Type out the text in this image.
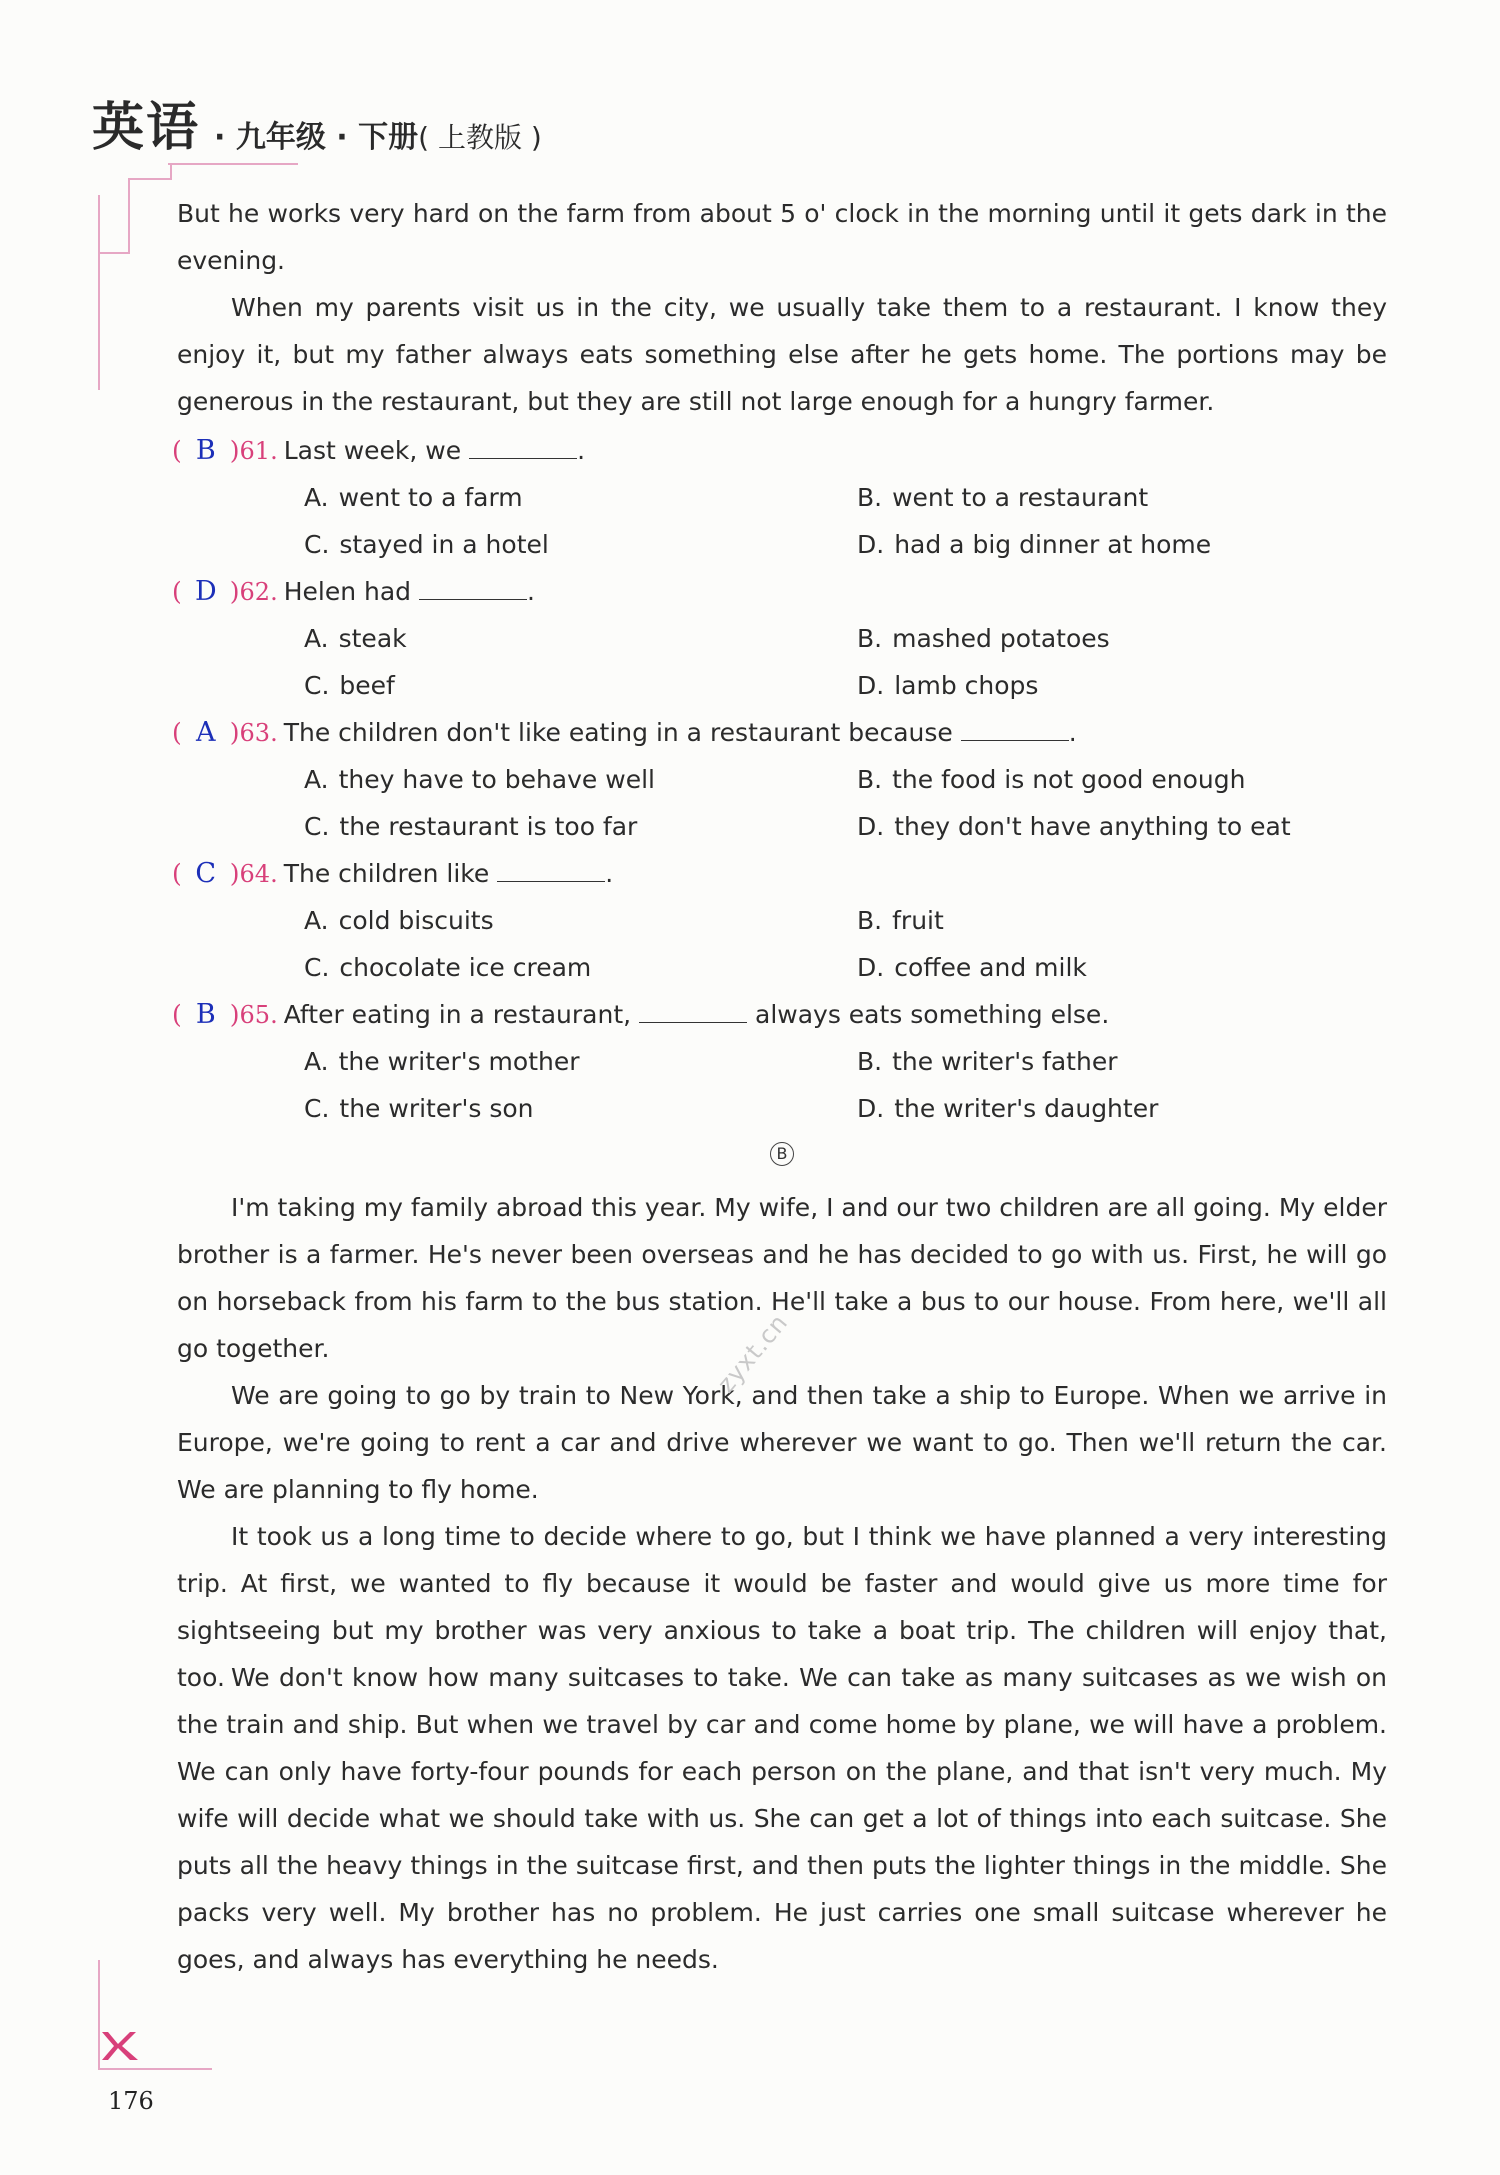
英语 · 九年级 · 下册( 上教版 )

But he works very hard on the farm from about 5 o' clock in the morning until it gets dark in the evening.

When my parents visit us in the city, we usually take them to a restaurant. I know they enjoy it, but my father always eats something else after he gets home. The portions may be generous in the restaurant, but they are still not large enough for a hungry farmer.

( B )61. Last week, we	.
A. went to a farm	B. went to a restaurant
C. stayed in a hotel	D. had a big dinner at home
( D )62. Helen had	.
A. steak	B. mashed potatoes
C. beef	D. lamb chops
( A )63. The children don't like eating in a restaurant because	.
A. they have to behave well	B. the food is not good enough
C. the restaurant is too far	D. they don't have anything to eat
( C )64. The children like	.
A. cold biscuits	B. fruit
C. chocolate ice cream	D. coffee and milk
( B )65. After eating in a restaurant,	always eats something else.
A. the writer's mother	B. the writer's father
C. the writer's son	D. the writer's daughter
B

I'm taking my family abroad this year. My wife, I and our two children are all going. My elder brother is a farmer. He's never been overseas and he has decided to go with us. First, he will go on horseback from his farm to the bus station. He'll take a bus to our house. From here, we'll all go together.

We are going to go by train to New York, and then take a ship to Europe. When we arrive in Europe, we're going to rent a car and drive wherever we want to go. Then we'll return the car. We are planning to fly home.

It took us a long time to decide where to go, but I think we have planned a very interesting trip. At first, we wanted to fly because it would be faster and would give us more time for sightseeing but my brother was very anxious to take a boat trip. The children will enjoy that, too. We don't know how many suitcases to take. We can take as many suitcases as we wish on the train and ship. But when we travel by car and come home by plane, we will have a problem. We can only have forty-four pounds for each person on the plane, and that isn't very much. My wife will decide what we should take with us. She can get a lot of things into each suitcase. She puts all the heavy things in the suitcase first, and then puts the lighter things in the middle. She packs very well. My brother has no problem. He just carries one small suitcase wherever he goes, and always has everything he needs.

zyxt.cn
176
